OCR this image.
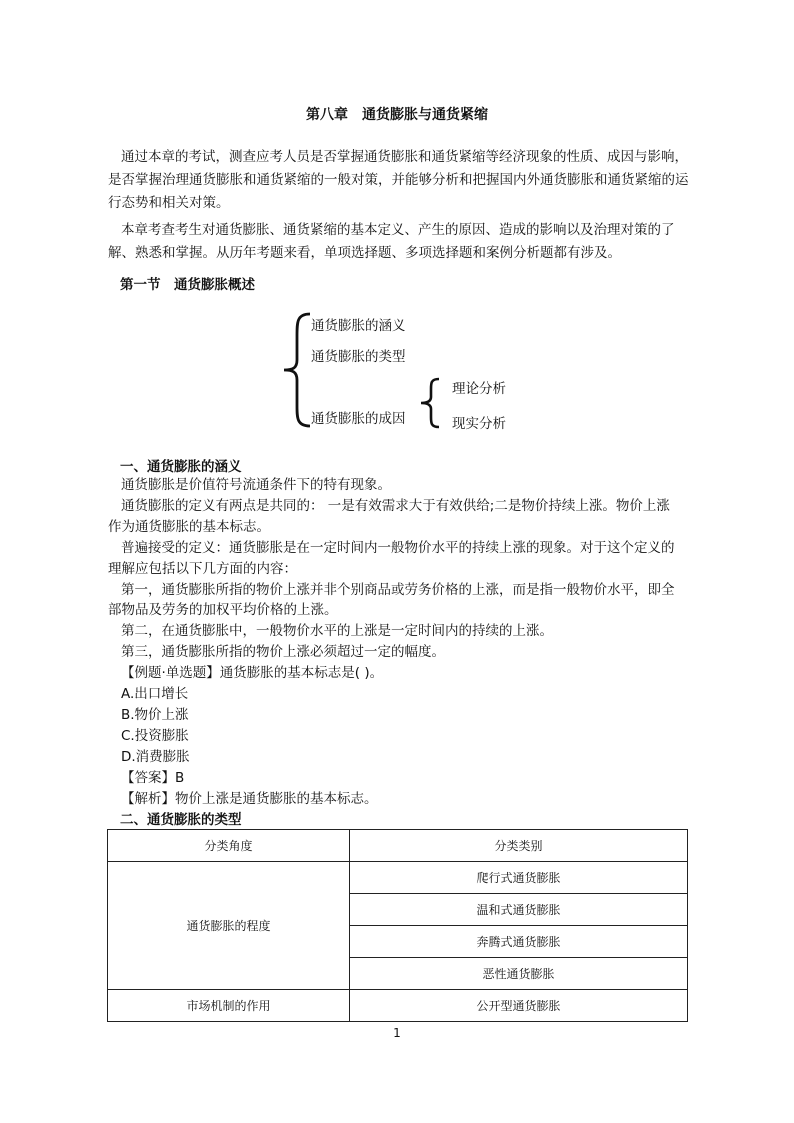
第八章　通货膨胀与通货紧缩
通过本章的考试，测查应考人员是否掌握通货膨胀和通货紧缩等经济现象的性质、成因与影响，
是否掌握治理通货膨胀和通货紧缩的一般对策，并能够分析和把握国内外通货膨胀和通货紧缩的运
行态势和相关对策。
本章考查考生对通货膨胀、通货紧缩的基本定义、产生的原因、造成的影响以及治理对策的了
解、熟悉和掌握。从历年考题来看，单项选择题、多项选择题和案例分析题都有涉及。
第一节　通货膨胀概述
通货膨胀的涵义
通货膨胀的类型
通货膨胀的成因
理论分析
现实分析
一、通货膨胀的涵义
通货膨胀是价值符号流通条件下的特有现象。
通货膨胀的定义有两点是共同的： 一是有效需求大于有效供给;二是物价持续上涨。物价上涨
作为通货膨胀的基本标志。
普遍接受的定义：通货膨胀是在一定时间内一般物价水平的持续上涨的现象。对于这个定义的
理解应包括以下几方面的内容：
第一，通货膨胀所指的物价上涨并非个别商品或劳务价格的上涨，而是指一般物价水平，即全
部物品及劳务的加权平均价格的上涨。
第二，在通货膨胀中，一般物价水平的上涨是一定时间内的持续的上涨。
第三，通货膨胀所指的物价上涨必须超过一定的幅度。
【例题·单选题】通货膨胀的基本标志是( )。
A.出口增长
B.物价上涨
C.投资膨胀
D.消费膨胀
【答案】B
【解析】物价上涨是通货膨胀的基本标志。
二、通货膨胀的类型
分类角度	分类类别
通货膨胀的程度	爬行式通货膨胀
	温和式通货膨胀
	奔腾式通货膨胀
	恶性通货膨胀
市场机制的作用	公开型通货膨胀
1
